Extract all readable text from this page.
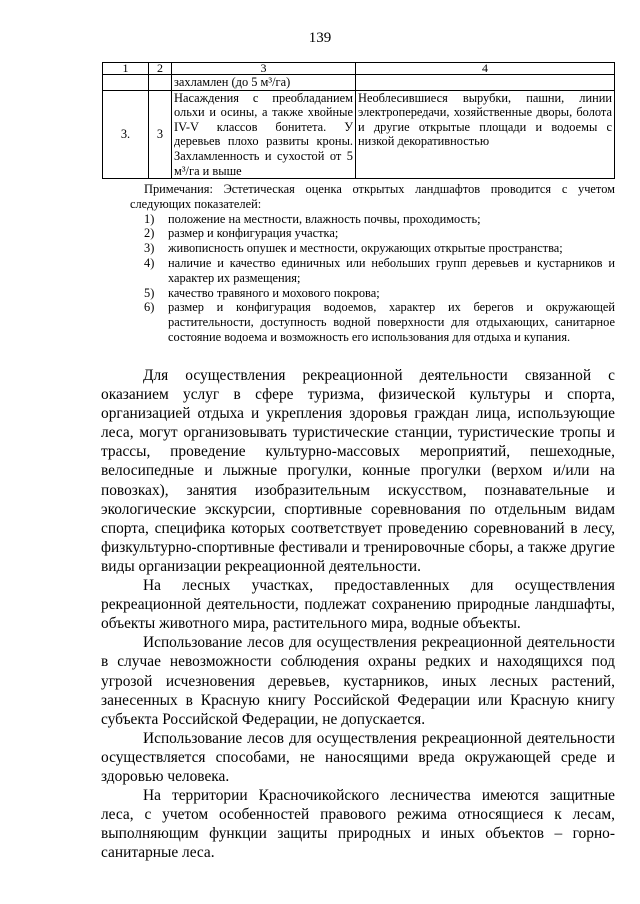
139
1	2	3	4
		захламлен (до 5 м³/га)	
3.	3	Насаждения с преобладанием ольхи и осины, а также хвойные IV-V классов бонитета. У деревьев плохо развиты кроны. Захламленность и сухостой от 5 м³/га и выше	Необлесившиеся вырубки, пашни, линии электропередачи, хозяйственные дворы, болота и другие открытые площади и водоемы с низкой декоративностью

Примечания: Эстетическая оценка открытых ландшафтов проводится с учетом следующих показателей:

1)	положение на местности, влажность почвы, проходимость;
2)	размер и конфигурация участка;
3)	живописность опушек и местности, окружающих открытые пространства;
4)	наличие и качество единичных или небольших групп деревьев и кустарников и характер их размещения;
5)	качество травяного и мохового покрова;
6)	размер и конфигурация водоемов, характер их берегов и окружающей растительности, доступность водной поверхности для отдыхающих, санитарное состояние водоема и возможность его использования для отдыха и купания.

Для осуществления рекреационной деятельности связанной с оказанием услуг в сфере туризма, физической культуры и спорта, организацией отдыха и укрепления здоровья граждан лица, использующие леса, могут организовывать туристические станции, туристические тропы и трассы, проведение культурно-массовых мероприятий, пешеходные, велосипедные и лыжные прогулки, конные прогулки (верхом и/или на повозках), занятия изобразительным искусством, познавательные и экологические экскурсии, спортивные соревнования по отдельным видам спорта, специфика которых соответствует проведению соревнований в лесу, физкультурно-спортивные фестивали и тренировочные сборы, а также другие виды организации рекреационной деятельности.

На лесных участках, предоставленных для осуществления рекреационной деятельности, подлежат сохранению природные ландшафты, объекты животного мира, растительного мира, водные объекты.

Использование лесов для осуществления рекреационной деятельности в случае невозможности соблюдения охраны редких и находящихся под угрозой исчезновения деревьев, кустарников, иных лесных растений, занесенных в Красную книгу Российской Федерации или Красную книгу субъекта Российской Федерации, не допускается.

Использование лесов для осуществления рекреационной деятельности осуществляется способами, не наносящими вреда окружающей среде и здоровью человека.

На территории Красночикойского лесничества имеются защитные леса, с учетом особенностей правового режима относящиеся к лесам, выполняющим функции защиты природных и иных объектов – горно-санитарные леса.
